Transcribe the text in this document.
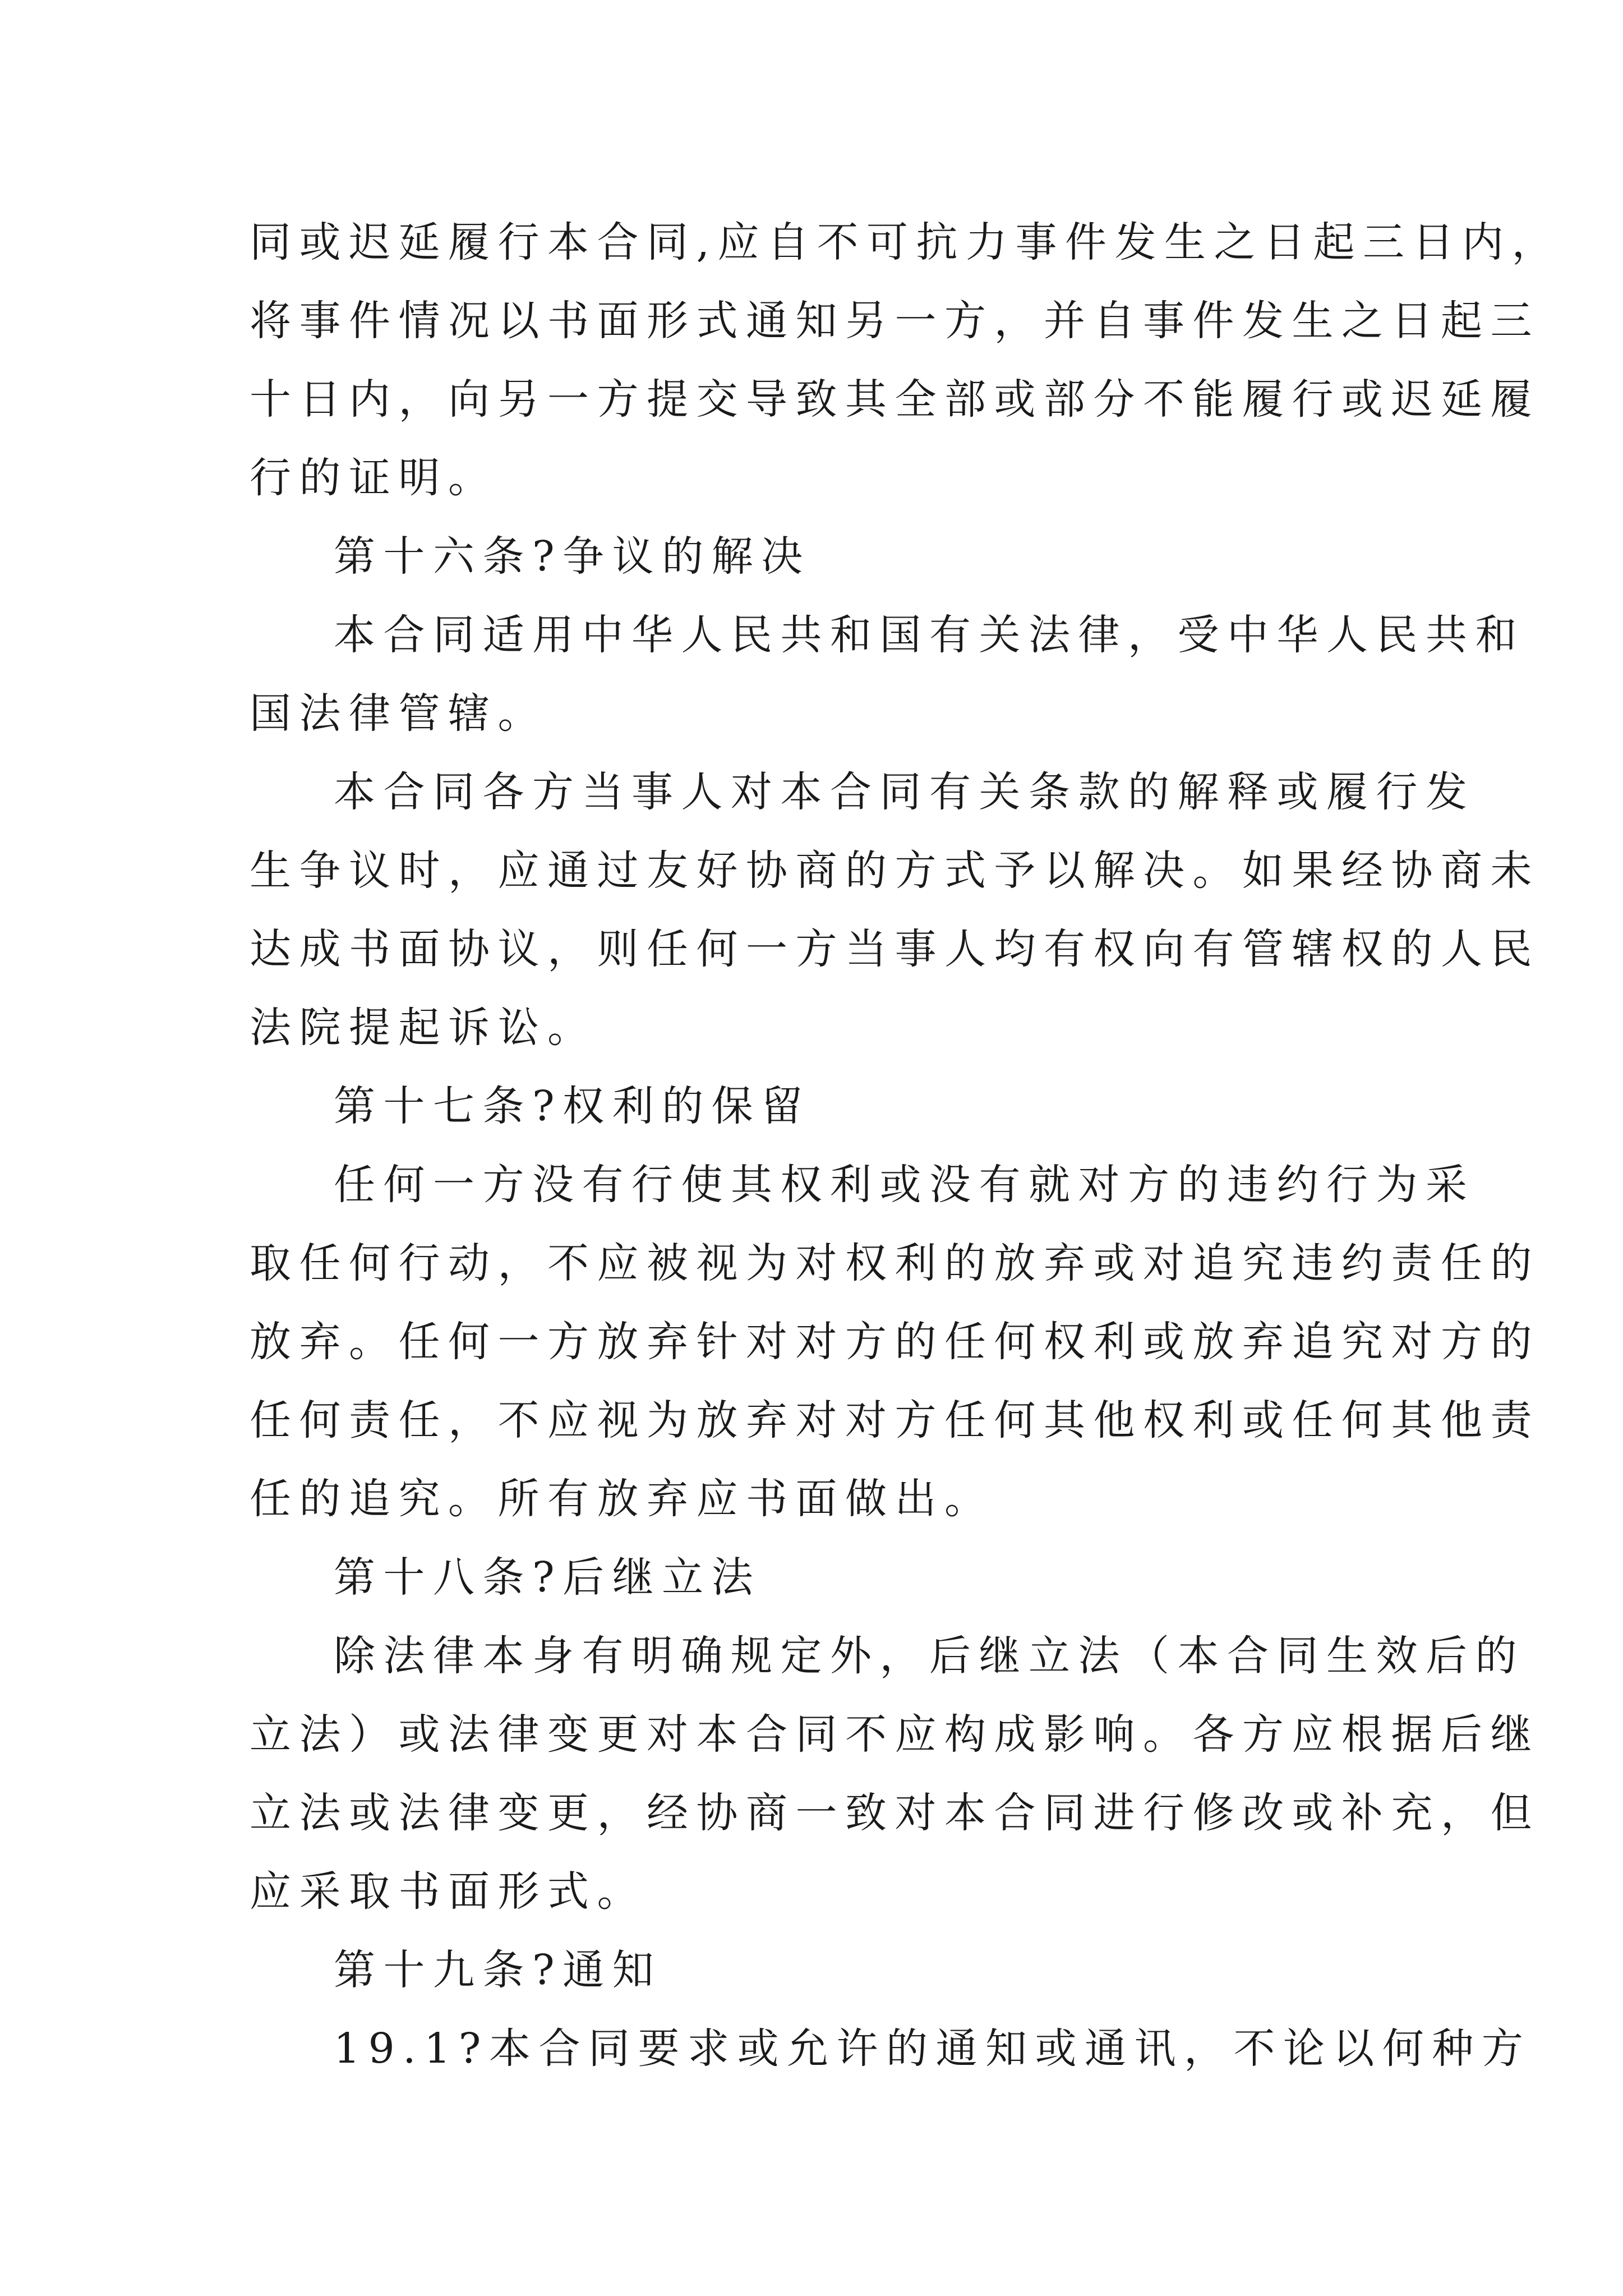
同或迟延履行本合同,应自不可抗力事件发生之日起三日内，
将事件情况以书面形式通知另一方，并自事件发生之日起三
十日内，向另一方提交导致其全部或部分不能履行或迟延履
行的证明。
第十六条?争议的解决
本合同适用中华人民共和国有关法律，受中华人民共和
国法律管辖。
本合同各方当事人对本合同有关条款的解释或履行发
生争议时，应通过友好协商的方式予以解决。如果经协商未
达成书面协议，则任何一方当事人均有权向有管辖权的人民
法院提起诉讼。
第十七条?权利的保留
任何一方没有行使其权利或没有就对方的违约行为采
取任何行动，不应被视为对权利的放弃或对追究违约责任的
放弃。任何一方放弃针对对方的任何权利或放弃追究对方的
任何责任，不应视为放弃对对方任何其他权利或任何其他责
任的追究。所有放弃应书面做出。
第十八条?后继立法
除法律本身有明确规定外，后继立法（本合同生效后的
立法）或法律变更对本合同不应构成影响。各方应根据后继
立法或法律变更，经协商一致对本合同进行修改或补充，但
应采取书面形式。
第十九条?通知
19.1?本合同要求或允许的通知或通讯，不论以何种方
